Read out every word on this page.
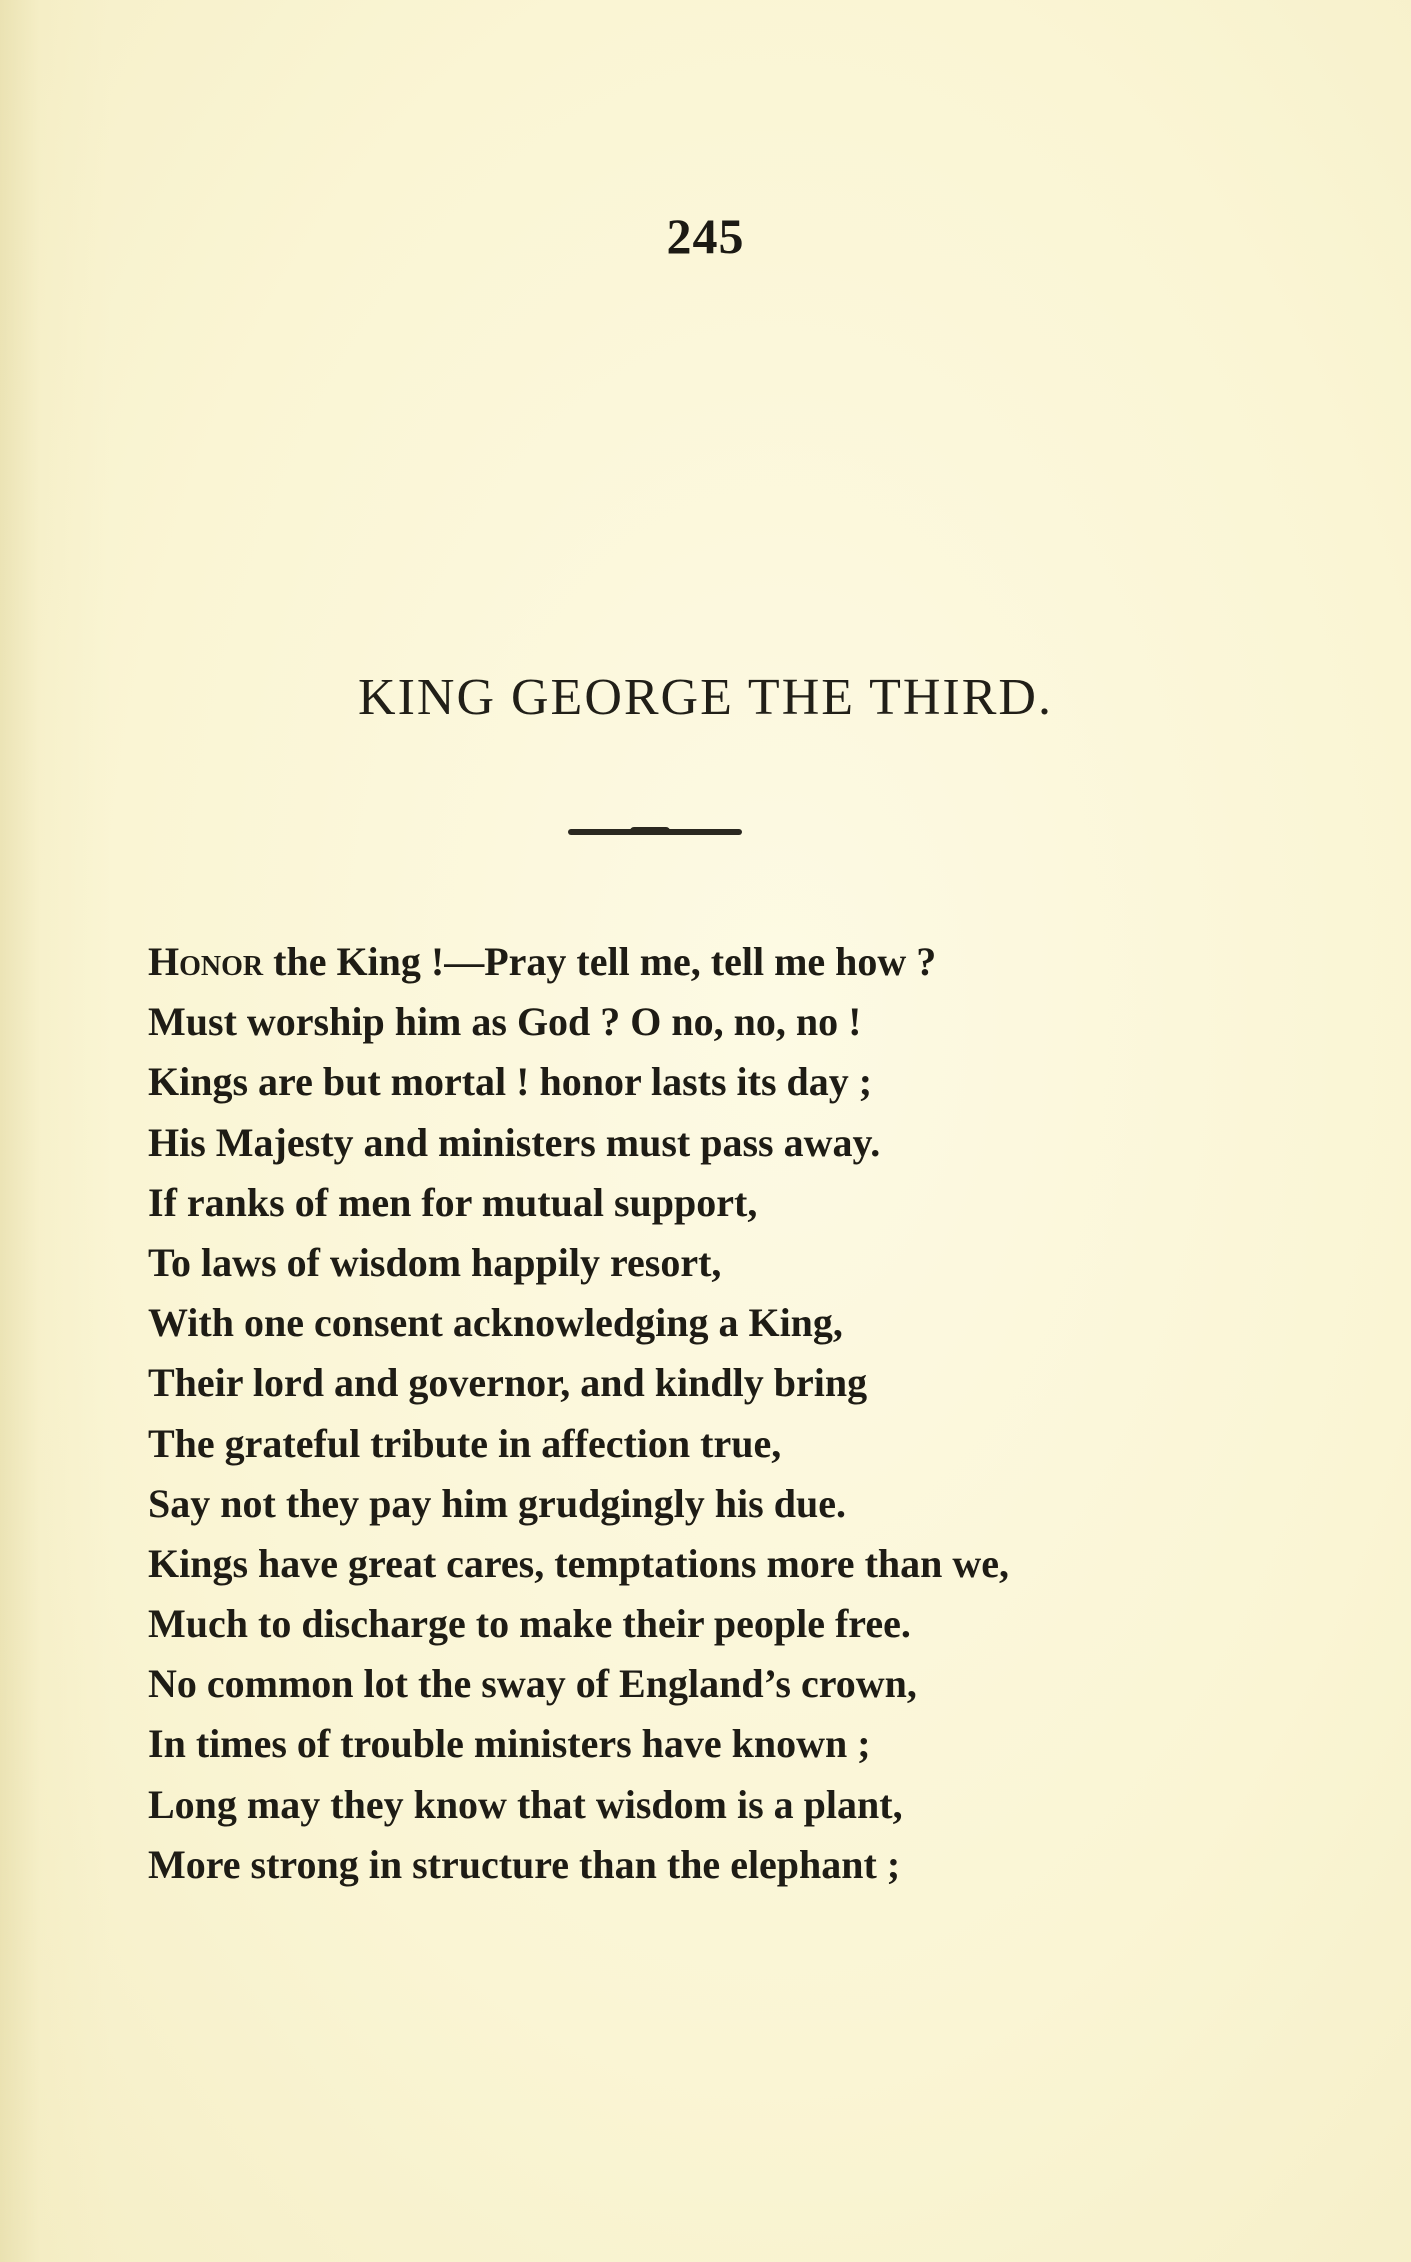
245
KING GEORGE THE THIRD.
Honor the King !—Pray tell me, tell me how ?
Must worship him as God ? O no, no, no !
Kings are but mortal ! honor lasts its day ;
His Majesty and ministers must pass away.
If ranks of men for mutual support,
To laws of wisdom happily resort,
With one consent acknowledging a King,
Their lord and governor, and kindly bring
The grateful tribute in affection true,
Say not they pay him grudgingly his due.
Kings have great cares, temptations more than we,
Much to discharge to make their people free.
No common lot the sway of England’s crown,
In times of trouble ministers have known ;
Long may they know that wisdom is a plant,
More strong in structure than the elephant ;
